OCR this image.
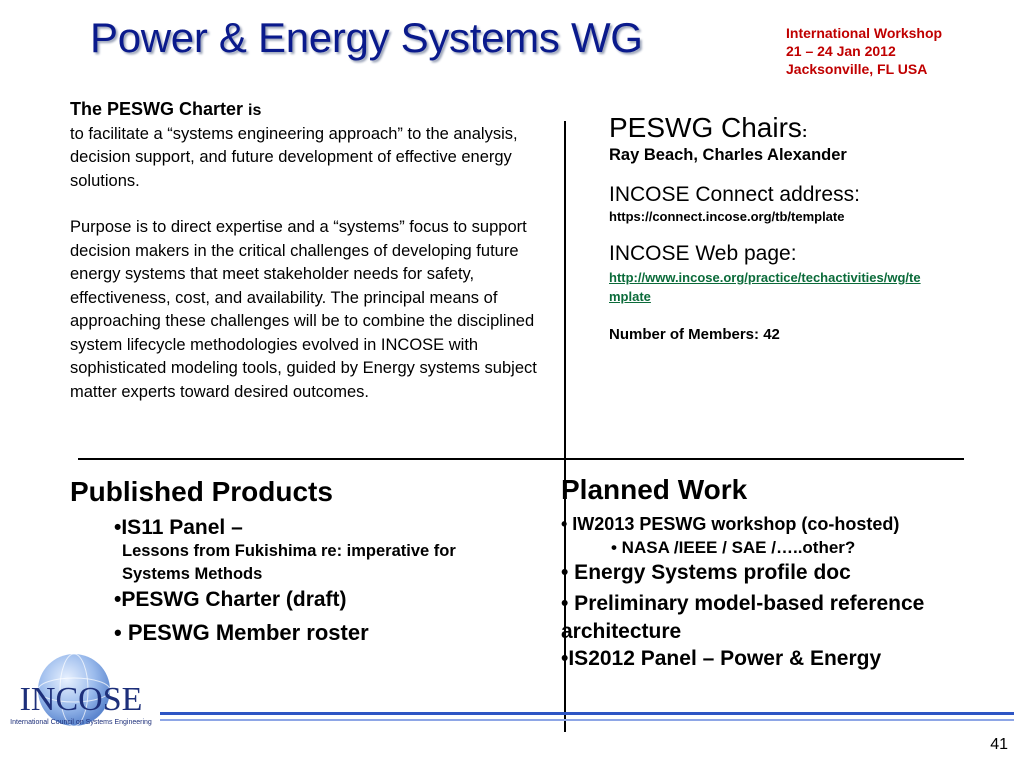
Power & Energy Systems WG	International Workshop
21 – 24 Jan 2012
Jacksonville, FL USA
The PESWG Charter is

to facilitate a “systems engineering approach” to the analysis, decision support, and future development of effective energy solutions.

Purpose is to direct expertise and a “systems” focus to support decision makers in the critical challenges of developing future energy systems that meet stakeholder needs for safety, effectiveness, cost, and availability. The principal means of approaching these challenges will be to combine the disciplined system lifecycle methodologies evolved in INCOSE with sophisticated modeling tools, guided by Energy systems subject matter experts toward desired outcomes.

PESWG Chairs:
Ray Beach, Charles Alexander
INCOSE Connect address:
https://connect.incose.org/tb/template
INCOSE Web page:
http://www.incose.org/practice/techactivities/wg/te
mplate
Number of Members: 42
Published Products
•IS11 Panel –
Lessons from Fukishima re: imperative for Systems Methods
•PESWG Charter (draft)
• PESWG Member roster
Planned Work
• IW2013 PESWG workshop (co-hosted)
• NASA /IEEE / SAE /…..other?
• Energy Systems profile doc
• Preliminary model-based reference architecture
•IS2012 Panel – Power & Energy
INCOSE
International Council on Systems Engineering
41
